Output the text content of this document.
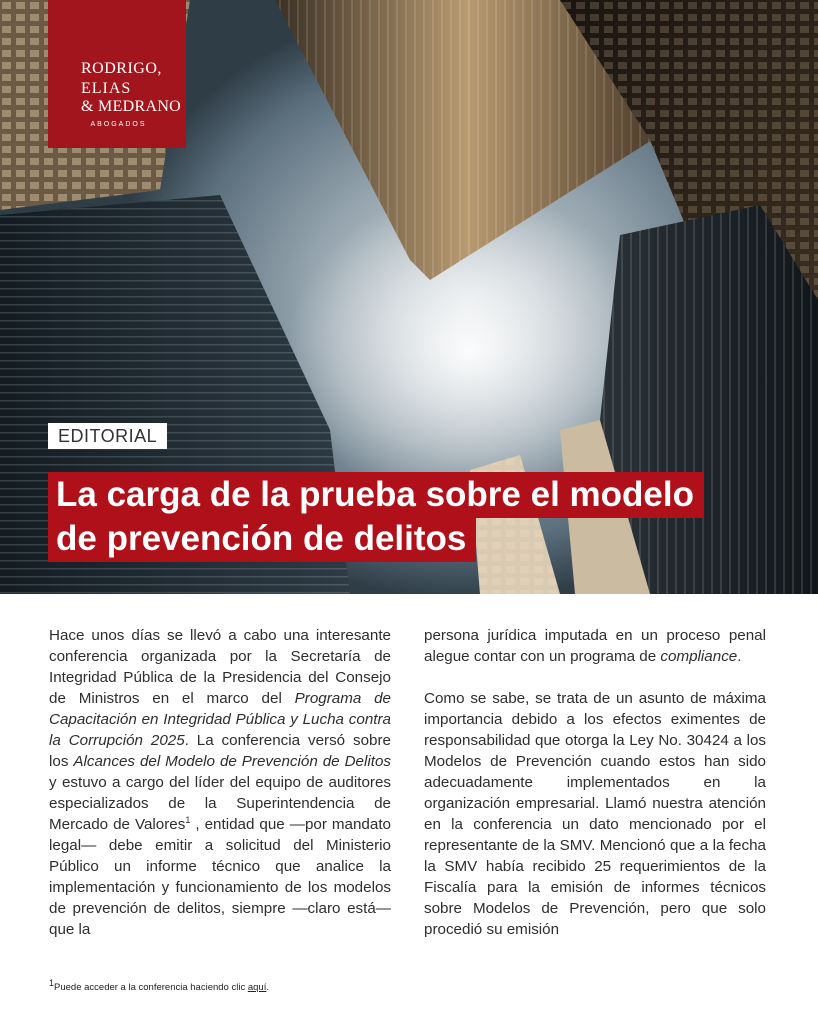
RODRIGO,
ELIAS
& MEDRANO
ABOGADOS
EDITORIAL
La carga de la prueba sobre el modelo
de prevención de delitos

Hace unos días se llevó a cabo una interesante conferencia organizada por la Secretaría de Integridad Pública de la Presidencia del Consejo de Ministros en el marco del Programa de Capacitación en Integridad Pública y Lucha contra la Corrupción 2025. La conferencia versó sobre los Alcances del Modelo de Prevención de Delitos y estuvo a cargo del líder del equipo de auditores especializados de la Superintendencia de Mercado de Valores$^1$ , entidad que —por mandato legal— debe emitir a solicitud del Ministerio Público un informe técnico que analice la implementación y funcionamiento de los modelos de prevención de delitos, siempre —claro está— que la

persona jurídica imputada en un proceso penal alegue contar con un programa de compliance.

Como se sabe, se trata de un asunto de máxima importancia debido a los efectos eximentes de responsabilidad que otorga la Ley No. 30424 a los Modelos de Prevención cuando estos han sido adecuadamente implementados en la organización empresarial. Llamó nuestra atención en la conferencia un dato mencionado por el representante de la SMV. Mencionó que a la fecha la SMV había recibido 25 requerimientos de la Fiscalía para la emisión de informes técnicos sobre Modelos de Prevención, pero que solo procedió su emisión

$^1$Puede acceder a la conferencia haciendo clic aquí.
